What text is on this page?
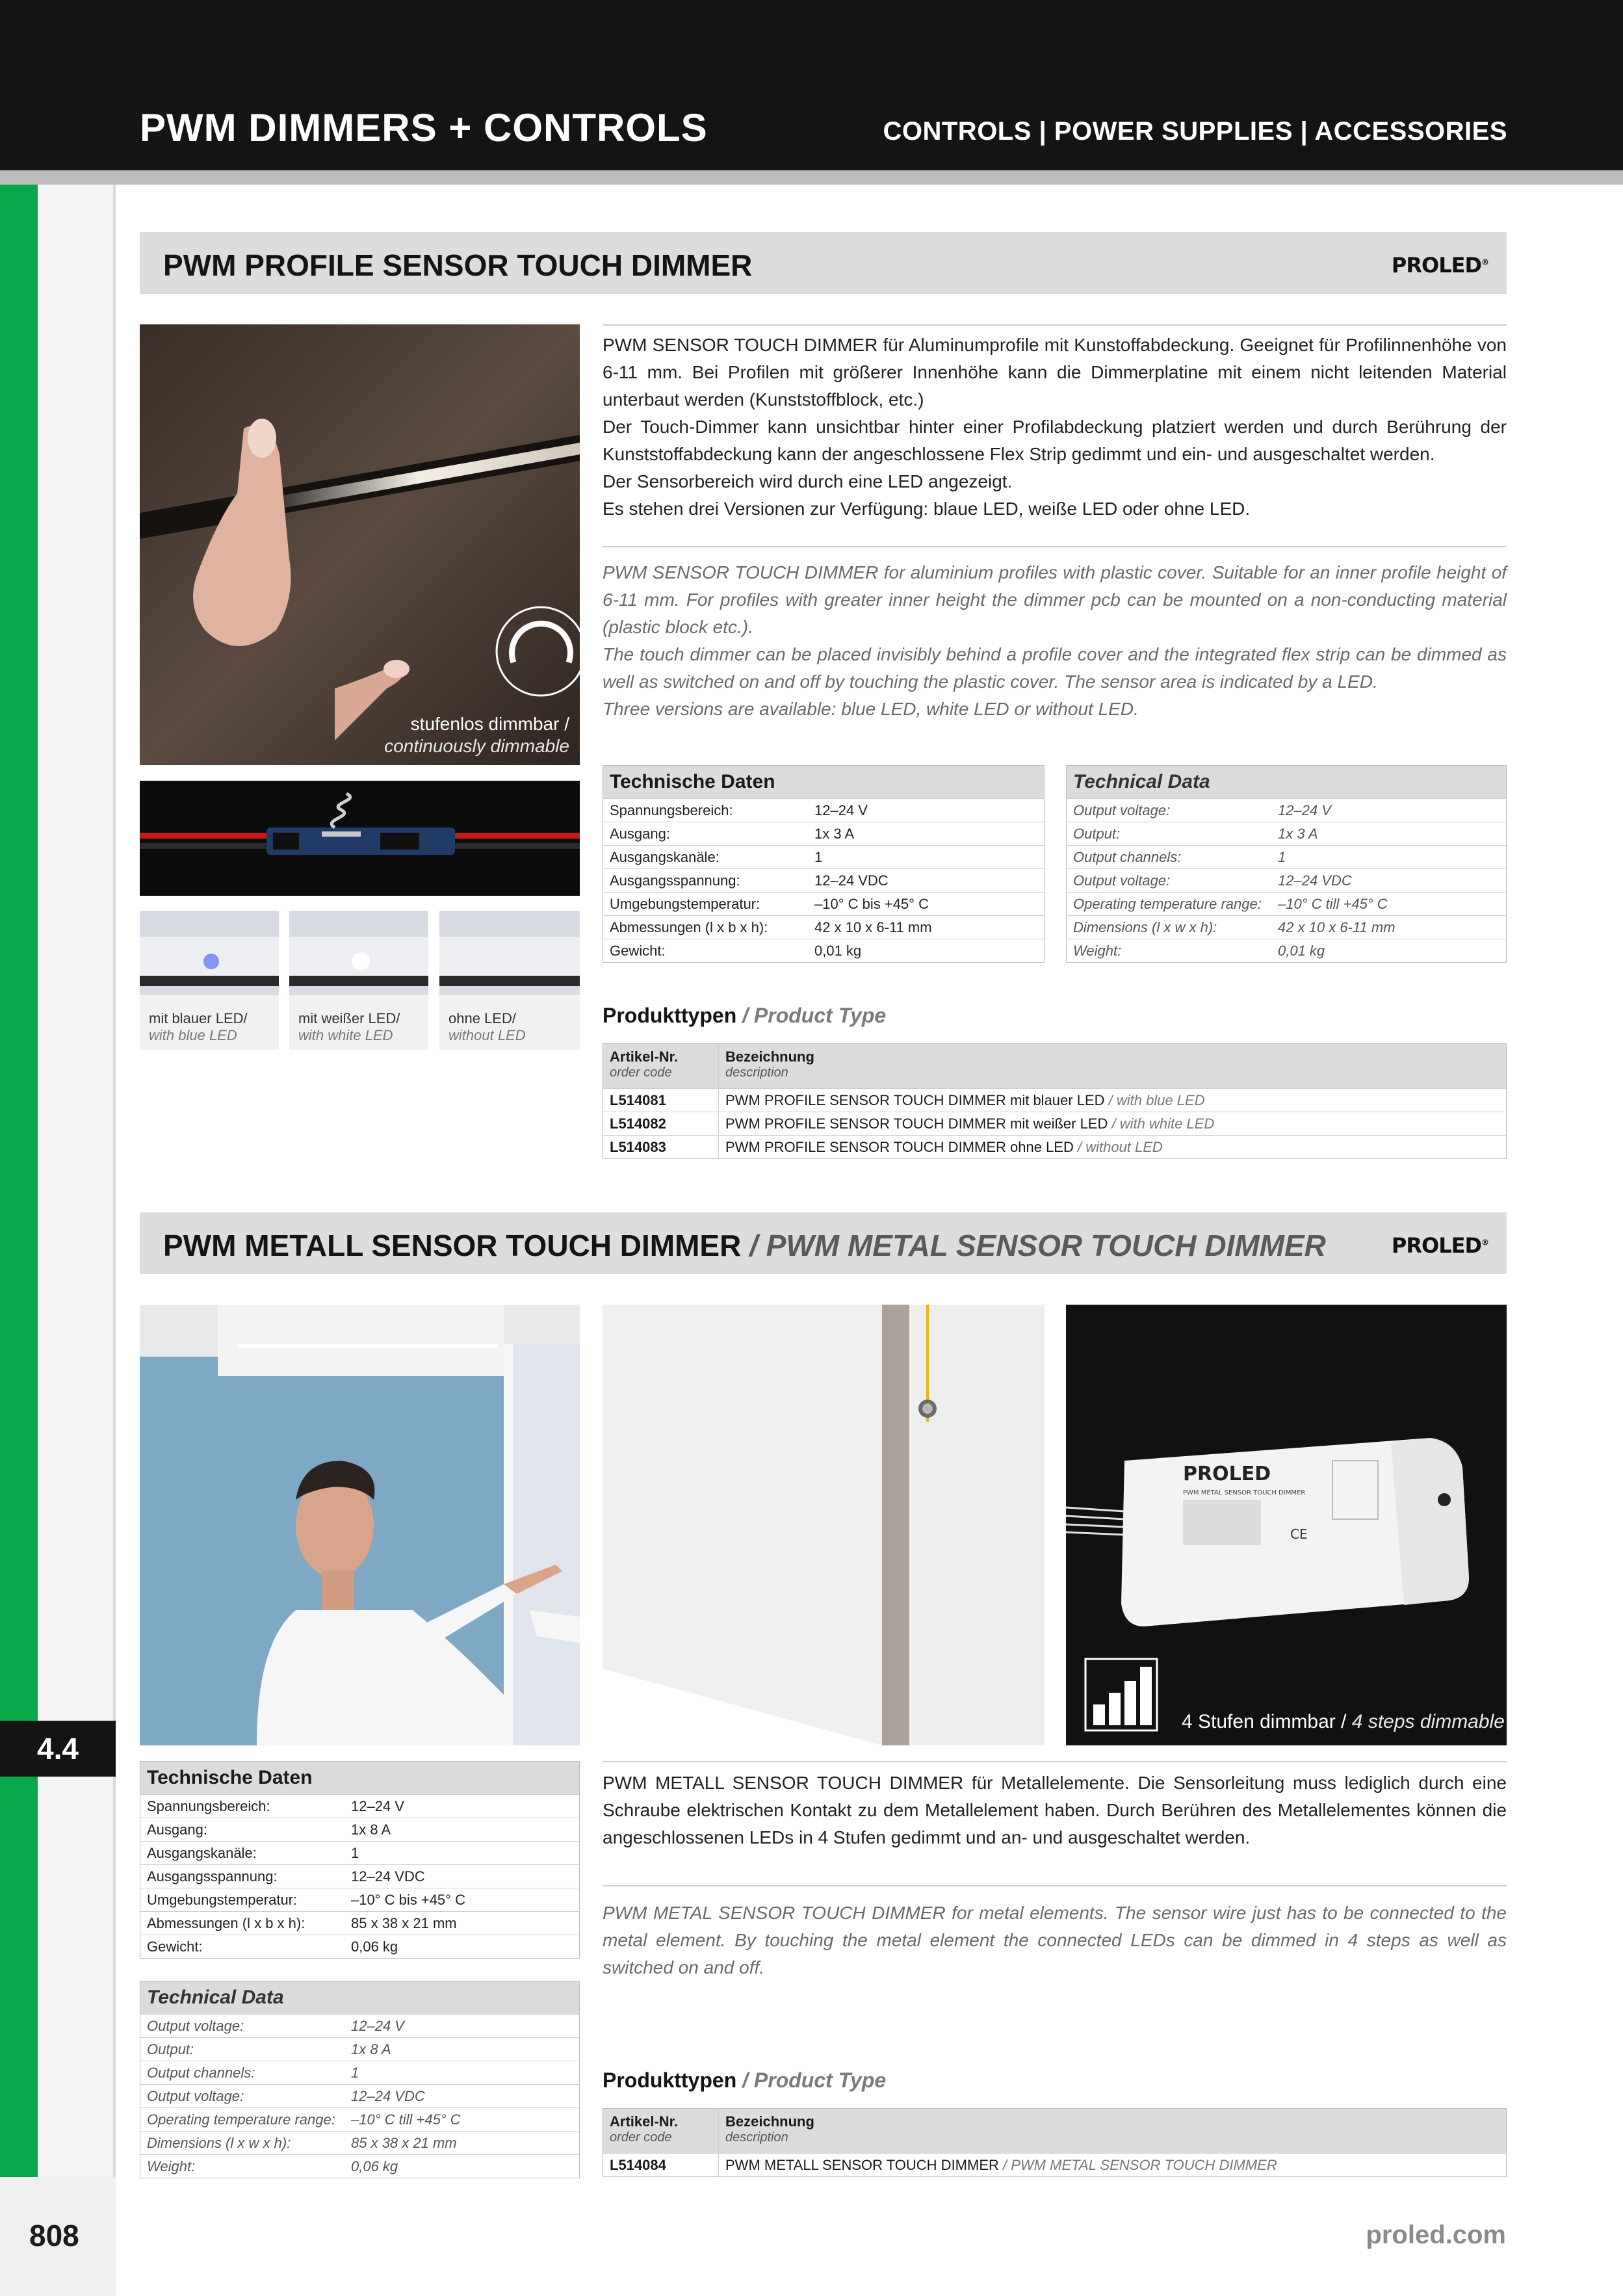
PWM DIMMERS + CONTROLS	CONTROLS | POWER SUPPLIES | ACCESSORIES
4.4
808	proled.com
PWM PROFILE SENSOR TOUCH DIMMER	PROLED®
stufenlos dimmbar /
continuously dimmable
mit blauer LED/
with blue LED
mit weißer LED/
with white LED
ohne LED/
without LED

PWM SENSOR TOUCH DIMMER für Aluminumprofile mit Kunstoffabdeckung. Geeignet für Profilinnenhöhe von 6-11 mm. Bei Profilen mit größerer Innenhöhe kann die Dimmerplatine mit einem nicht leitenden Material unterbaut werden (Kunststoffblock, etc.)

Der Touch-Dimmer kann unsichtbar hinter einer Profilabdeckung platziert werden und durch Berührung der Kunststoffabdeckung kann der angeschlossene Flex Strip gedimmt und ein- und ausgeschaltet werden.

Der Sensorbereich wird durch eine LED angezeigt.

Es stehen drei Versionen zur Verfügung: blaue LED, weiße LED oder ohne LED.

PWM SENSOR TOUCH DIMMER for aluminium profiles with plastic cover. Suitable for an inner profile height of 6-11 mm. For profiles with greater inner height the dimmer pcb can be mounted on a non-conducting material (plastic block etc.).

The touch dimmer can be placed invisibly behind a profile cover and the integrated flex strip can be dimmed as well as switched on and off by touching the plastic cover. The sensor area is indicated by a LED.

Three versions are available: blue LED, white LED or without LED.

Technische Daten
Spannungsbereich:	12–24 V
Ausgang:	1x 3 A
Ausgangskanäle:	1
Ausgangsspannung:	12–24 VDC
Umgebungstemperatur:	–10° C bis +45° C
Abmessungen (l x b x h):	42 x 10 x 6-11 mm
Gewicht:	0,01 kg
Technical Data
Output voltage:	12–24 V
Output:	1x 3 A
Output channels:	1
Output voltage:	12–24 VDC
Operating temperature range:	–10° C till +45° C
Dimensions (l x w x h):	42 x 10 x 6-11 mm
Weight:	0,01 kg
Produkttypen / Product Type
Artikel-Nr.
order code
Bezeichnung
description
L514081	PWM PROFILE SENSOR TOUCH DIMMER mit blauer LED / with blue LED
L514082	PWM PROFILE SENSOR TOUCH DIMMER mit weißer LED / with white LED
L514083	PWM PROFILE SENSOR TOUCH DIMMER ohne LED / without LED
PWM METALL SENSOR TOUCH DIMMER / PWM METAL SENSOR TOUCH DIMMER	PROLED®
PROLED
PWM METAL SENSOR TOUCH DIMMER
CE
4 Stufen dimmbar / 4 steps dimmable
Technische Daten
Spannungsbereich:	12–24 V
Ausgang:	1x 8 A
Ausgangskanäle:	1
Ausgangsspannung:	12–24 VDC
Umgebungstemperatur:	–10° C bis +45° C
Abmessungen (l x b x h):	85 x 38 x 21 mm
Gewicht:	0,06 kg
Technical Data
Output voltage:	12–24 V
Output:	1x 8 A
Output channels:	1
Output voltage:	12–24 VDC
Operating temperature range:	–10° C till +45° C
Dimensions (l x w x h):	85 x 38 x 21 mm
Weight:	0,06 kg

PWM METALL SENSOR TOUCH DIMMER für Metallelemente. Die Sensorleitung muss lediglich durch eine Schraube elektrischen Kontakt zu dem Metallelement haben. Durch Berühren des Metallelementes können die angeschlossenen LEDs in 4 Stufen gedimmt und an- und ausgeschaltet werden.

PWM METAL SENSOR TOUCH DIMMER for metal elements. The sensor wire just has to be connected to the metal element. By touching the metal element the connected LEDs can be dimmed in 4 steps as well as switched on and off.

Produkttypen / Product Type
Artikel-Nr.
order code
Bezeichnung
description
L514084	PWM METALL SENSOR TOUCH DIMMER / PWM METAL SENSOR TOUCH DIMMER
